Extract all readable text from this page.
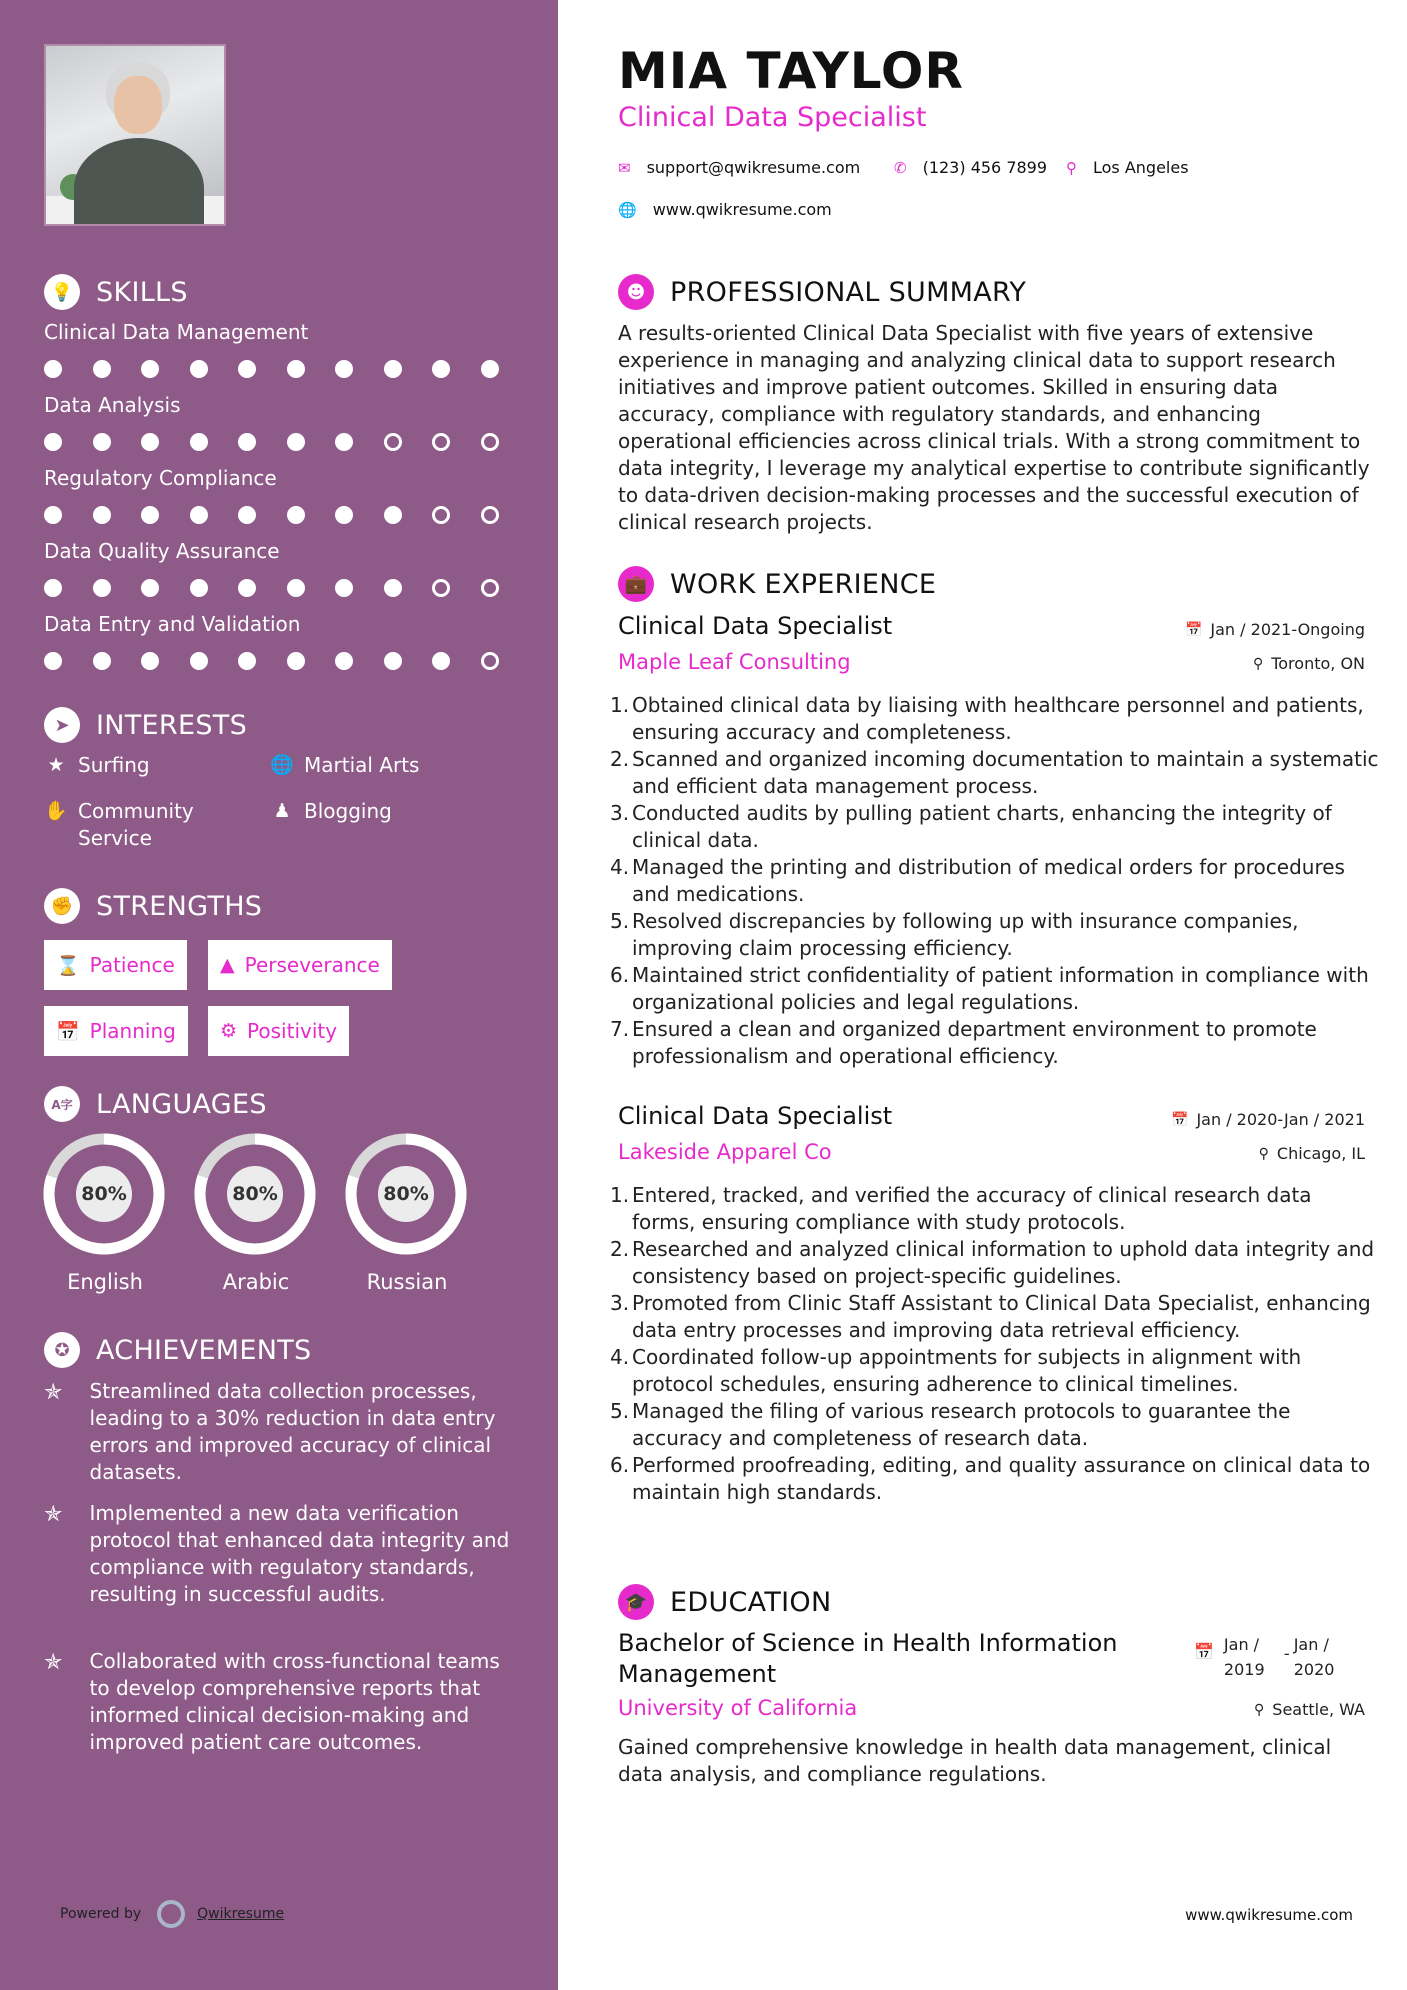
💡 SKILLS
Clinical Data Management
Data Analysis
Regulatory Compliance
Data Quality Assurance
Data Entry and Validation
➤ INTERESTS
★ Surfing	🌐 Martial Arts
✋ Community Service
♟ Blogging
✊ STRENGTHS
⌛ Patience ▲ Perseverance
📅 Planning ⚙ Positivity
A字 LANGUAGES
80%
English
80%
Arabic
80%
Russian
✪ ACHIEVEMENTS
✯	Streamlined data collection processes, leading to a 30% reduction in data entry errors and improved accuracy of clinical datasets.
✯	Implemented a new data verification protocol that enhanced data integrity and compliance with regulatory standards, resulting in successful audits.
✯	Collaborated with cross-functional teams to develop comprehensive reports that informed clinical decision-making and improved patient care outcomes.
Powered by	Qwikresume
MIA TAYLOR
Clinical Data Specialist
✉ support@qwikresume.com ✆ (123) 456 7899 ⚲ Los Angeles
🌐 www.qwikresume.com
☻ PROFESSIONAL SUMMARY
A results-oriented Clinical Data Specialist with five years of extensive experience in managing and analyzing clinical data to support research initiatives and improve patient outcomes. Skilled in ensuring data accuracy, compliance with regulatory standards, and enhancing operational efficiencies across clinical trials. With a strong commitment to data integrity, I leverage my analytical expertise to contribute significantly to data-driven decision-making processes and the successful execution of clinical research projects.
💼 WORK EXPERIENCE
Clinical Data Specialist	📅 Jan / 2021-Ongoing
Maple Leaf Consulting	⚲ Toronto, ON
1. Obtained clinical data by liaising with healthcare personnel and patients, ensuring accuracy and completeness.
2. Scanned and organized incoming documentation to maintain a systematic and efficient data management process.
3. Conducted audits by pulling patient charts, enhancing the integrity of clinical data.
4. Managed the printing and distribution of medical orders for procedures and medications.
5. Resolved discrepancies by following up with insurance companies, improving claim processing efficiency.
6. Maintained strict confidentiality of patient information in compliance with organizational policies and legal regulations.
7. Ensured a clean and organized department environment to promote professionalism and operational efficiency.
Clinical Data Specialist	📅 Jan / 2020-Jan / 2021
Lakeside Apparel Co	⚲ Chicago, IL
1. Entered, tracked, and verified the accuracy of clinical research data forms, ensuring compliance with study protocols.
2. Researched and analyzed clinical information to uphold data integrity and consistency based on project-specific guidelines.
3. Promoted from Clinic Staff Assistant to Clinical Data Specialist, enhancing data entry processes and improving data retrieval efficiency.
4. Coordinated follow-up appointments for subjects in alignment with protocol schedules, ensuring adherence to clinical timelines.
5. Managed the filing of various research protocols to guarantee the accuracy and completeness of research data.
6. Performed proofreading, editing, and quality assurance on clinical data to maintain high standards.
🎓 EDUCATION
Bachelor of Science in Health Information Management
📅 Jan / 2019
- Jan / 2020
University of California	⚲ Seattle, WA
Gained comprehensive knowledge in health data management, clinical data analysis, and compliance regulations.
www.qwikresume.com
